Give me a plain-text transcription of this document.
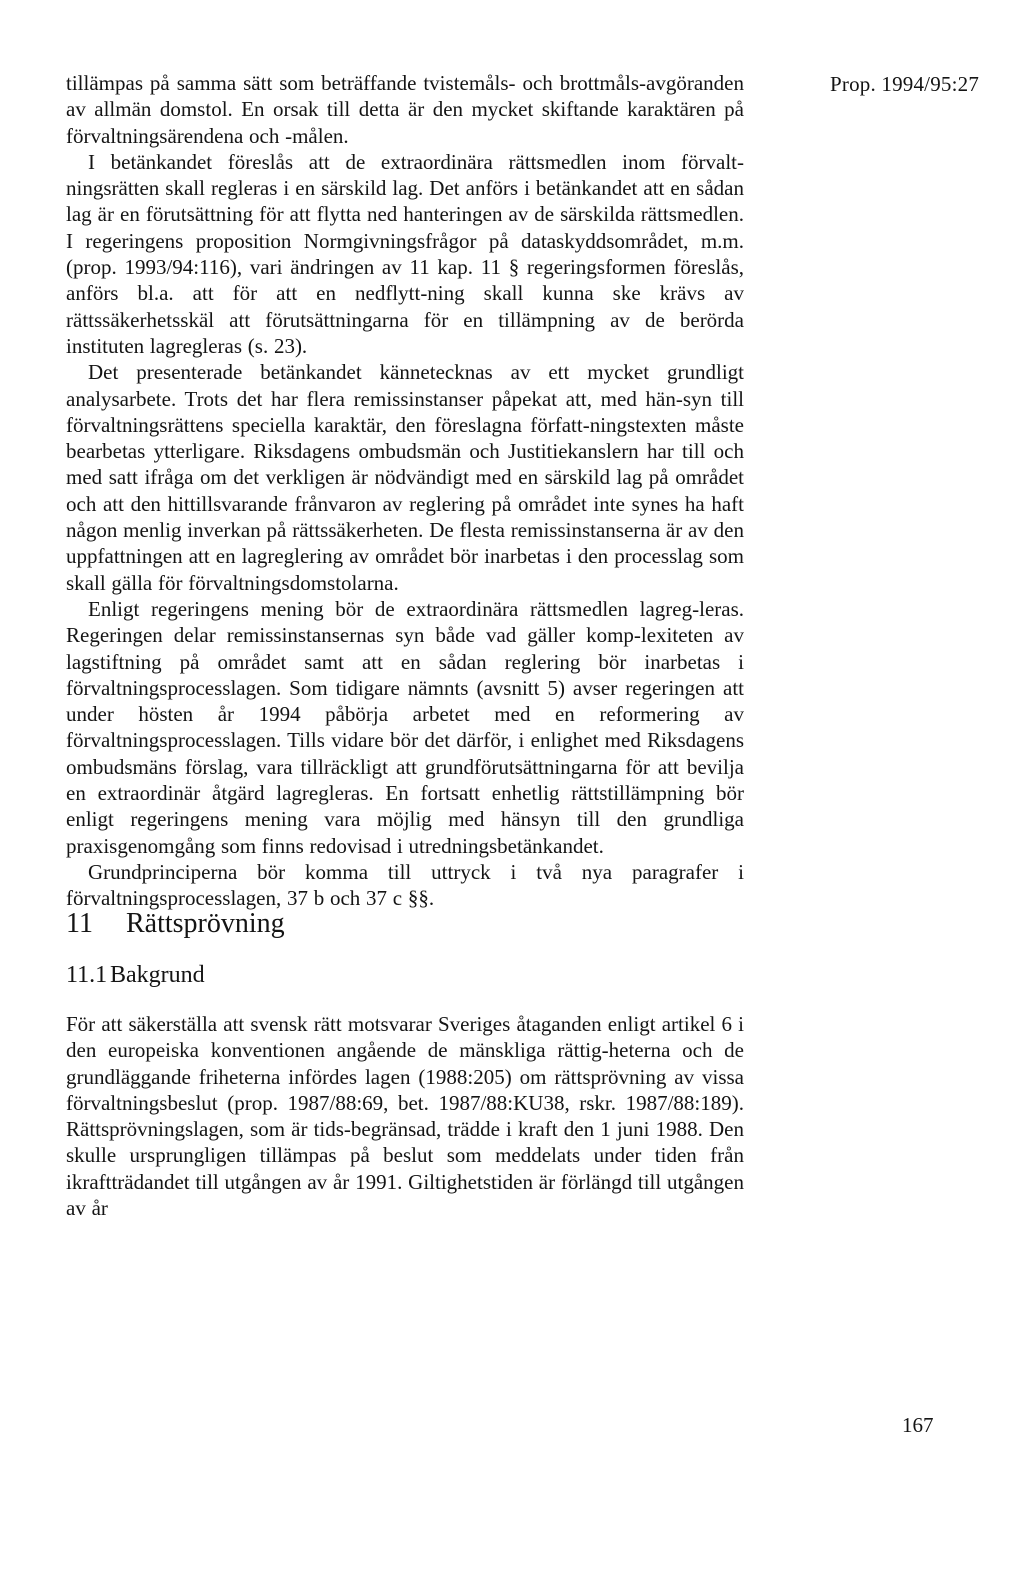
Prop. 1994/95:27

tillämpas på samma sätt som beträffande tvistemåls- och brottmåls-avgöranden av allmän domstol. En orsak till detta är den mycket skiftande karaktären på förvaltningsärendena och -målen.

I betänkandet föreslås att de extraordinära rättsmedlen inom förvalt-ningsrätten skall regleras i en särskild lag. Det anförs i betänkandet att en sådan lag är en förutsättning för att flytta ned hanteringen av de särskilda rättsmedlen. I regeringens proposition Normgivningsfrågor på dataskyddsområdet, m.m. (prop. 1993/94:116), vari ändringen av 11 kap. 11 § regeringsformen föreslås, anförs bl.a. att för att en nedflytt-ning skall kunna ske krävs av rättssäkerhetsskäl att förutsättningarna för en tillämpning av de berörda instituten lagregleras (s. 23).

Det presenterade betänkandet kännetecknas av ett mycket grundligt analysarbete. Trots det har flera remissinstanser påpekat att, med hän-syn till förvaltningsrättens speciella karaktär, den föreslagna författ-ningstexten måste bearbetas ytterligare. Riksdagens ombudsmän och Justitiekanslern har till och med satt ifråga om det verkligen är nödvändigt med en särskild lag på området och att den hittillsvarande frånvaron av reglering på området inte synes ha haft någon menlig inverkan på rättssäkerheten. De flesta remissinstanserna är av den uppfattningen att en lagreglering av området bör inarbetas i den processlag som skall gälla för förvaltningsdomstolarna.

Enligt regeringens mening bör de extraordinära rättsmedlen lagreg-leras. Regeringen delar remissinstansernas syn både vad gäller komp-lexiteten av lagstiftning på området samt att en sådan reglering bör inarbetas i förvaltningsprocesslagen. Som tidigare nämnts (avsnitt 5) avser regeringen att under hösten år 1994 påbörja arbetet med en reformering av förvaltningsprocesslagen. Tills vidare bör det därför, i enlighet med Riksdagens ombudsmäns förslag, vara tillräckligt att grundförutsättningarna för att bevilja en extraordinär åtgärd lagregleras. En fortsatt enhetlig rättstillämpning bör enligt regeringens mening vara möjlig med hänsyn till den grundliga praxisgenomgång som finns redovisad i utredningsbetänkandet.

Grundprinciperna bör komma till uttryck i två nya paragrafer i förvaltningsprocesslagen, 37 b och 37 c §§.

11 Rättsprövning
11.1 Bakgrund

För att säkerställa att svensk rätt motsvarar Sveriges åtaganden enligt artikel 6 i den europeiska konventionen angående de mänskliga rättig-heterna och de grundläggande friheterna infördes lagen (1988:205) om rättsprövning av vissa förvaltningsbeslut (prop. 1987/88:69, bet. 1987/88:KU38, rskr. 1987/88:189). Rättsprövningslagen, som är tids-begränsad, trädde i kraft den 1 juni 1988. Den skulle ursprungligen tillämpas på beslut som meddelats under tiden från ikraftträdandet till utgången av år 1991. Giltighetstiden är förlängd till utgången av år

167
